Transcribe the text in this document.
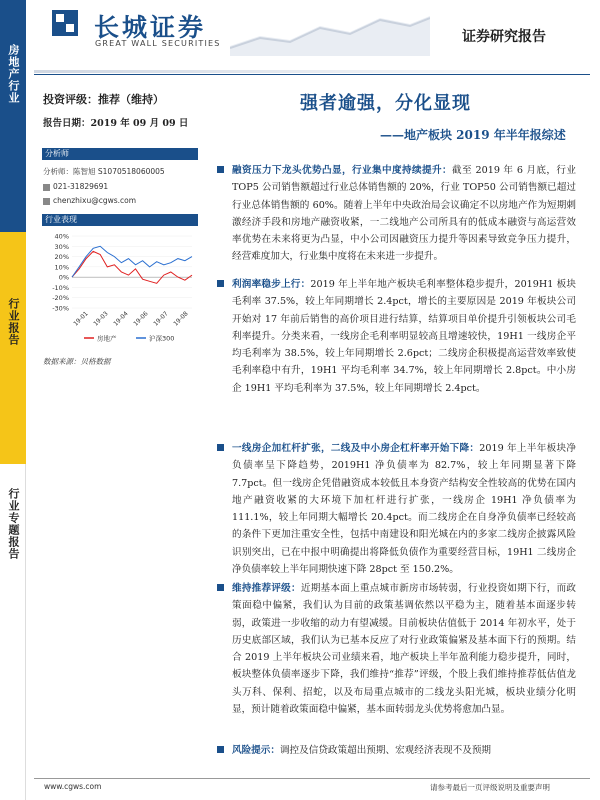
房地产行业
行业报告
行业专题报告
长城证券
GREAT WALL SECURITIES	证券研究报告
投资评级：推荐（维持）
报告日期：2019 年 09 月 09 日
强者逾强，分化显现
——地产板块 2019 年半年报综述
分析师
分析师：陈智旭 S1070518060005
021-31829691
chenzhixu@cgws.com
行业表现
40%
30%
20%
10%
0%
-10%
-20%
-30%
19-01 19-03 19-04 19-06 19-07 19-08
房地产	沪深300
数据来源：贝格数据
融资压力下龙头优势凸显，行业集中度持续提升：截至 2019 年 6 月底，行业 TOP5 公司销售额超过行业总体销售额的 20%，行业 TOP50 公司销售额已超过行业总体销售额的 60%。随着上半年中央政治局会议确定不以房地产作为短期刺激经济手段和房地产融资收紧，一二线地产公司所具有的低成本融资与高运营效率优势在未来将更为凸显，中小公司因融资压力提升等因素导致竞争压力提升，经营难度加大，行业集中度将在未来进一步提升。
利润率稳步上行：2019 年上半年地产板块毛利率整体稳步提升，2019H1 板块毛利率 37.5%，较上年同期增长 2.4pct，增长的主要原因是 2019 年板块公司开始对 17 年前后销售的高价项目进行结算，结算项目单价提升引领板块公司毛利率提升。分类来看，一线房企毛利率明显较高且增速较快，19H1 一线房企平均毛利率为 38.5%，较上年同期增长 2.6pct；二线房企积极提高运营效率致使毛利率稳中有升，19H1 平均毛利率 34.7%，较上年同期增长 2.8pct。中小房企 19H1 平均毛利率为 37.5%，较上年同期增长 2.4pct。
一线房企加杠杆扩张，二线及中小房企杠杆率开始下降：2019 年上半年板块净负债率呈下降趋势，2019H1 净负债率为 82.7%，较上年同期显著下降 7.7pct。但一线房企凭借融资成本较低且本身资产结构安全性较高的优势在国内地产融资收紧的大环境下加杠杆进行扩张，一线房企 19H1 净负债率为 111.1%，较上年同期大幅增长 20.4pct。而二线房企在自身净负债率已经较高的条件下更加注重安全性，包括中南建设和阳光城在内的多家二线房企披露风险识别突出，已在中报中明确提出将降低负债作为重要经营目标，19H1 二线房企净负债率较上半年同期快速下降 28pct 至 150.2%。
维持推荐评级：近期基本面上重点城市新房市场转弱，行业投资如期下行，而政策面稳中偏紧，我们认为目前的政策基调依然以平稳为主，随着基本面逐步转弱，政策进一步收缩的动力有望减缓。目前板块估值低于 2014 年初水平，处于历史底部区域，我们认为已基本反应了对行业政策偏紧及基本面下行的预期。结合 2019 上半年板块公司业绩来看，地产板块上半年盈利能力稳步提升，同时，板块整体负债率逐步下降，我们维持“推荐”评级，个股上我们维持推荐低估值龙头万科、保利、招蛇，以及布局重点城市的二线龙头阳光城，板块业绩分化明显，预计随着政策面稳中偏紧，基本面转弱龙头优势将愈加凸显。
风险提示：调控及信贷政策超出预期、宏观经济表现不及预期
www.cgws.com	请参考最后一页评级说明及重要声明
